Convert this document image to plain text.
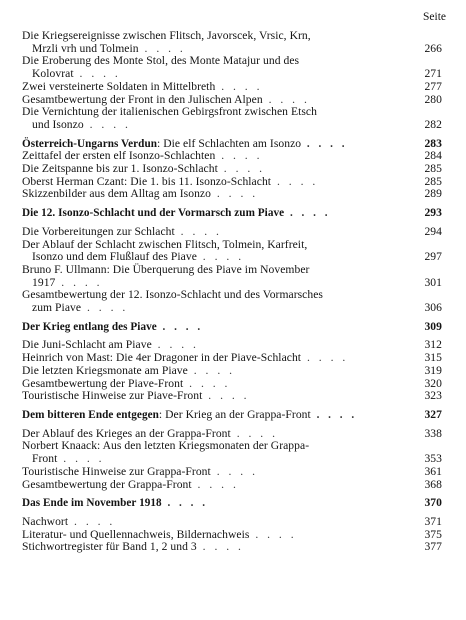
Seite
Die Kriegsereignisse zwischen Flitsch, Javorscek, Vrsic, Krn,
Mrzli vrh und Tolmein . . . .	266
Die Eroberung des Monte Stol, des Monte Matajur und des
Kolovrat . . . .	271
Zwei versteinerte Soldaten in Mittelbreth . . . .	277
Gesamtbewertung der Front in den Julischen Alpen . . . .	280
Die Vernichtung der italienischen Gebirgsfront zwischen Etsch
und Isonzo . . . .	282
Österreich-Ungarns Verdun: Die elf Schlachten am Isonzo . . . .	283
Zeittafel der ersten elf Isonzo-Schlachten . . . .	284
Die Zeitspanne bis zur 1. Isonzo-Schlacht . . . .	285
Oberst Herman Czant: Die 1. bis 11. Isonzo-Schlacht . . . .	285
Skizzenbilder aus dem Alltag am Isonzo . . . .	289
Die 12. Isonzo-Schlacht und der Vormarsch zum Piave . . . .	293
Die Vorbereitungen zur Schlacht . . . .	294
Der Ablauf der Schlacht zwischen Flitsch, Tolmein, Karfreit,
Isonzo und dem Flußlauf des Piave . . . .	297
Bruno F. Ullmann: Die Überquerung des Piave im November
1917 . . . .	301
Gesamtbewertung der 12. Isonzo-Schlacht und des Vormarsches
zum Piave . . . .	306
Der Krieg entlang des Piave . . . .	309
Die Juni-Schlacht am Piave . . . .	312
Heinrich von Mast: Die 4er Dragoner in der Piave-Schlacht . . . .	315
Die letzten Kriegsmonate am Piave . . . .	319
Gesamtbewertung der Piave-Front . . . .	320
Touristische Hinweise zur Piave-Front . . . .	323
Dem bitteren Ende entgegen: Der Krieg an der Grappa-Front . . . .	327
Der Ablauf des Krieges an der Grappa-Front . . . .	338
Norbert Knaack: Aus den letzten Kriegsmonaten der Grappa-
Front . . . .	353
Touristische Hinweise zur Grappa-Front . . . .	361
Gesamtbewertung der Grappa-Front . . . .	368
Das Ende im November 1918 . . . .	370
Nachwort . . . .	371
Literatur- und Quellennachweis, Bildernachweis . . . .	375
Stichwortregister für Band 1, 2 und 3 . . . .	377
